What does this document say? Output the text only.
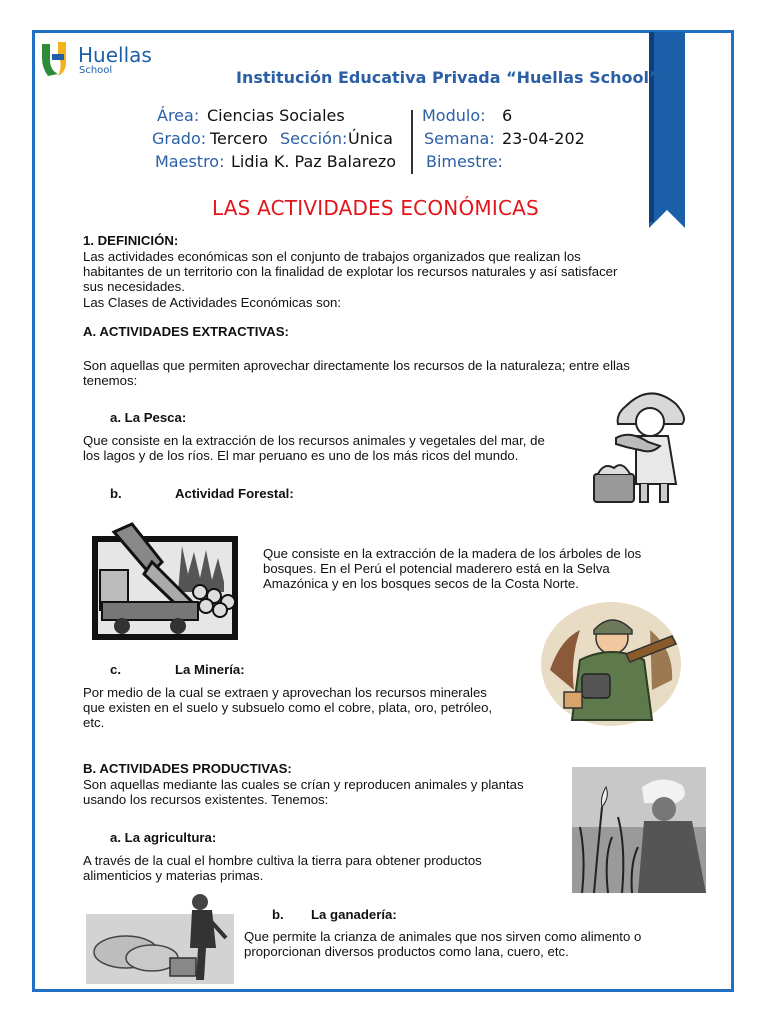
Huellas
School	Institución Educativa Privada “Huellas School”
Área: Ciencias Sociales
Grado: Tercero Sección: Única
Maestro: Lidia K. Paz Balarezo
Modulo: 6
Semana: 23-04-202
Bimestre:
LAS ACTIVIDADES ECONÓMICAS
1. DEFINICIÓN:
Las actividades económicas son el conjunto de trabajos organizados que realizan los
habitantes de un territorio con la finalidad de explotar los recursos naturales y así satisfacer
sus necesidades.
Las Clases de Actividades Económicas son:
A. ACTIVIDADES EXTRACTIVAS:
Son aquellas que permiten aprovechar directamente los recursos de la naturaleza; entre ellas
tenemos:
a. La Pesca:
Que consiste en la extracción de los recursos animales y vegetales del mar, de
los lagos y de los ríos. El mar peruano es uno de los más ricos del mundo.
b.	Actividad Forestal:
Que consiste en la extracción de la madera de los árboles de los
bosques. En el Perú el potencial maderero está en la Selva
Amazónica y en los bosques secos de la Costa Norte.
c.	La Minería:
Por medio de la cual se extraen y aprovechan los recursos minerales
que existen en el suelo y subsuelo como el cobre, plata, oro, petróleo,
etc.
B. ACTIVIDADES PRODUCTIVAS:
Son aquellas mediante las cuales se crían y reproducen animales y plantas
usando los recursos existentes. Tenemos:
a. La agricultura:
A través de la cual el hombre cultiva la tierra para obtener productos
alimenticios y materias primas.
b. La ganadería:
Que permite la crianza de animales que nos sirven como alimento o
proporcionan diversos productos como lana, cuero, etc.
